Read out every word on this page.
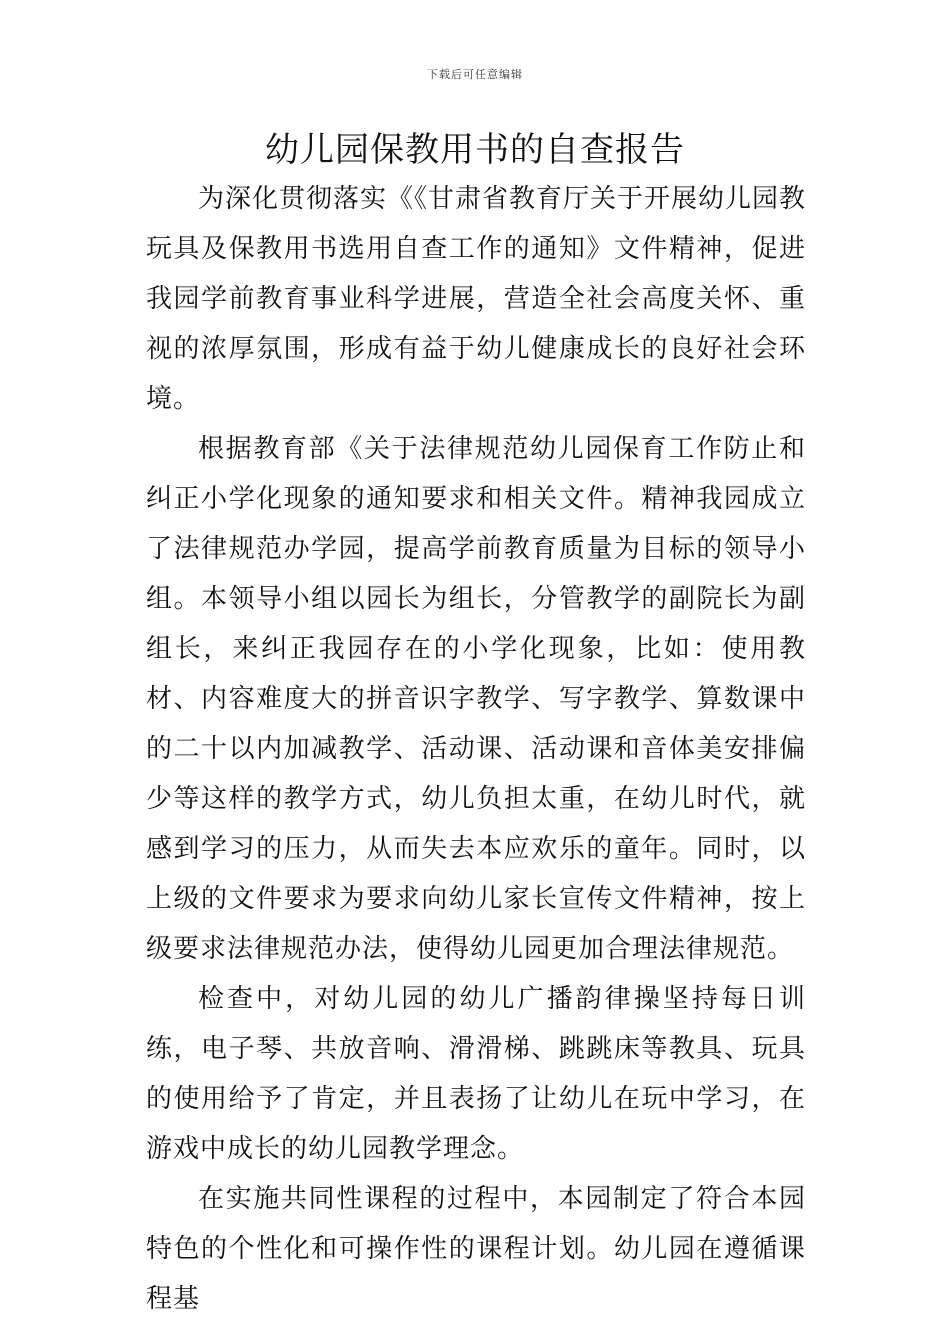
下载后可任意编辑
幼儿园保教用书的自查报告

为深化贯彻落实《《甘肃省教育厅关于开展幼儿园教玩具及保教用书选用自查工作的通知》文件精神，促进我园学前教育事业科学进展，营造全社会高度关怀、重视的浓厚氛围，形成有益于幼儿健康成长的良好社会环境。

根据教育部《关于法律规范幼儿园保育工作防止和纠正小学化现象的通知要求和相关文件。精神我园成立了法律规范办学园，提高学前教育质量为目标的领导小组。本领导小组以园长为组长，分管教学的副院长为副组长，来纠正我园存在的小学化现象，比如：使用教材、内容难度大的拼音识字教学、写字教学、算数课中的二十以内加减教学、活动课、活动课和音体美安排偏少等这样的教学方式，幼儿负担太重，在幼儿时代，就感到学习的压力，从而失去本应欢乐的童年。同时，以上级的文件要求为要求向幼儿家长宣传文件精神，按上级要求法律规范办法，使得幼儿园更加合理法律规范。

检查中，对幼儿园的幼儿广播韵律操坚持每日训练，电子琴、共放音响、滑滑梯、跳跳床等教具、玩具的使用给予了肯定，并且表扬了让幼儿在玩中学习，在游戏中成长的幼儿园教学理念。

在实施共同性课程的过程中，本园制定了符合本园特色的个性化和可操作性的课程计划。幼儿园在遵循课程基
